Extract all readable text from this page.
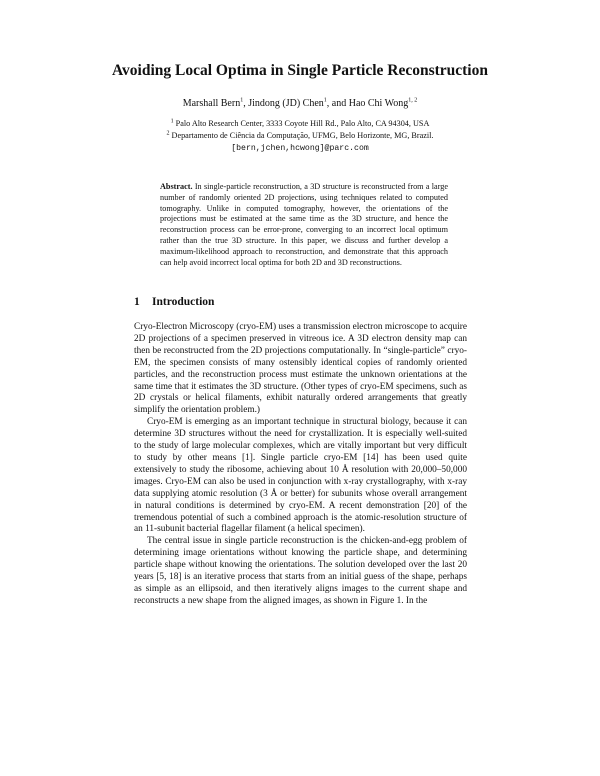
Avoiding Local Optima in Single Particle Reconstruction
Marshall Bern$^1$, Jindong (JD) Chen$^1$, and Hao Chi Wong$^{1, 2}$
$^1$ Palo Alto Research Center, 3333 Coyote Hill Rd., Palo Alto, CA 94304, USA
$^2$ Departamento de Ciência da Computação, UFMG, Belo Horizonte, MG, Brazil.
[bern,jchen,hcwong]@parc.com
Abstract. In single-particle reconstruction, a 3D structure is reconstructed from a large number of randomly oriented 2D projections, using techniques related to computed tomography. Unlike in computed tomography, however, the orientations of the projections must be estimated at the same time as the 3D structure, and hence the reconstruction process can be error-prone, converging to an incorrect local optimum rather than the true 3D structure. In this paper, we discuss and further develop a maximum-likelihood approach to reconstruction, and demonstrate that this approach can help avoid incorrect local optima for both 2D and 3D reconstructions.
1 Introduction

Cryo-Electron Microscopy (cryo-EM) uses a transmission electron microscope to acquire 2D projections of a specimen preserved in vitreous ice. A 3D electron density map can then be reconstructed from the 2D projections computationally. In “single-particle” cryo-EM, the specimen consists of many ostensibly identical copies of randomly oriented particles, and the reconstruction process must estimate the unknown orientations at the same time that it estimates the 3D structure. (Other types of cryo-EM specimens, such as 2D crystals or helical filaments, exhibit naturally ordered arrangements that greatly simplify the orientation problem.)

Cryo-EM is emerging as an important technique in structural biology, because it can determine 3D structures without the need for crystallization. It is especially well-suited to the study of large molecular complexes, which are vitally important but very difficult to study by other means [1]. Single particle cryo-EM [14] has been used quite extensively to study the ribosome, achieving about 10 Å resolution with 20,000–50,000 images. Cryo-EM can also be used in conjunction with x-ray crystallography, with x-ray data supplying atomic resolution (3 Å or better) for subunits whose overall arrangement in natural conditions is determined by cryo-EM. A recent demonstration [20] of the tremendous potential of such a combined approach is the atomic-resolution structure of an 11-subunit bacterial flagellar filament (a helical specimen).

The central issue in single particle reconstruction is the chicken-and-egg problem of determining image orientations without knowing the particle shape, and determining particle shape without knowing the orientations. The solution developed over the last 20 years [5, 18] is an iterative process that starts from an initial guess of the shape, perhaps as simple as an ellipsoid, and then iteratively aligns images to the current shape and reconstructs a new shape from the aligned images, as shown in Figure 1. In the
